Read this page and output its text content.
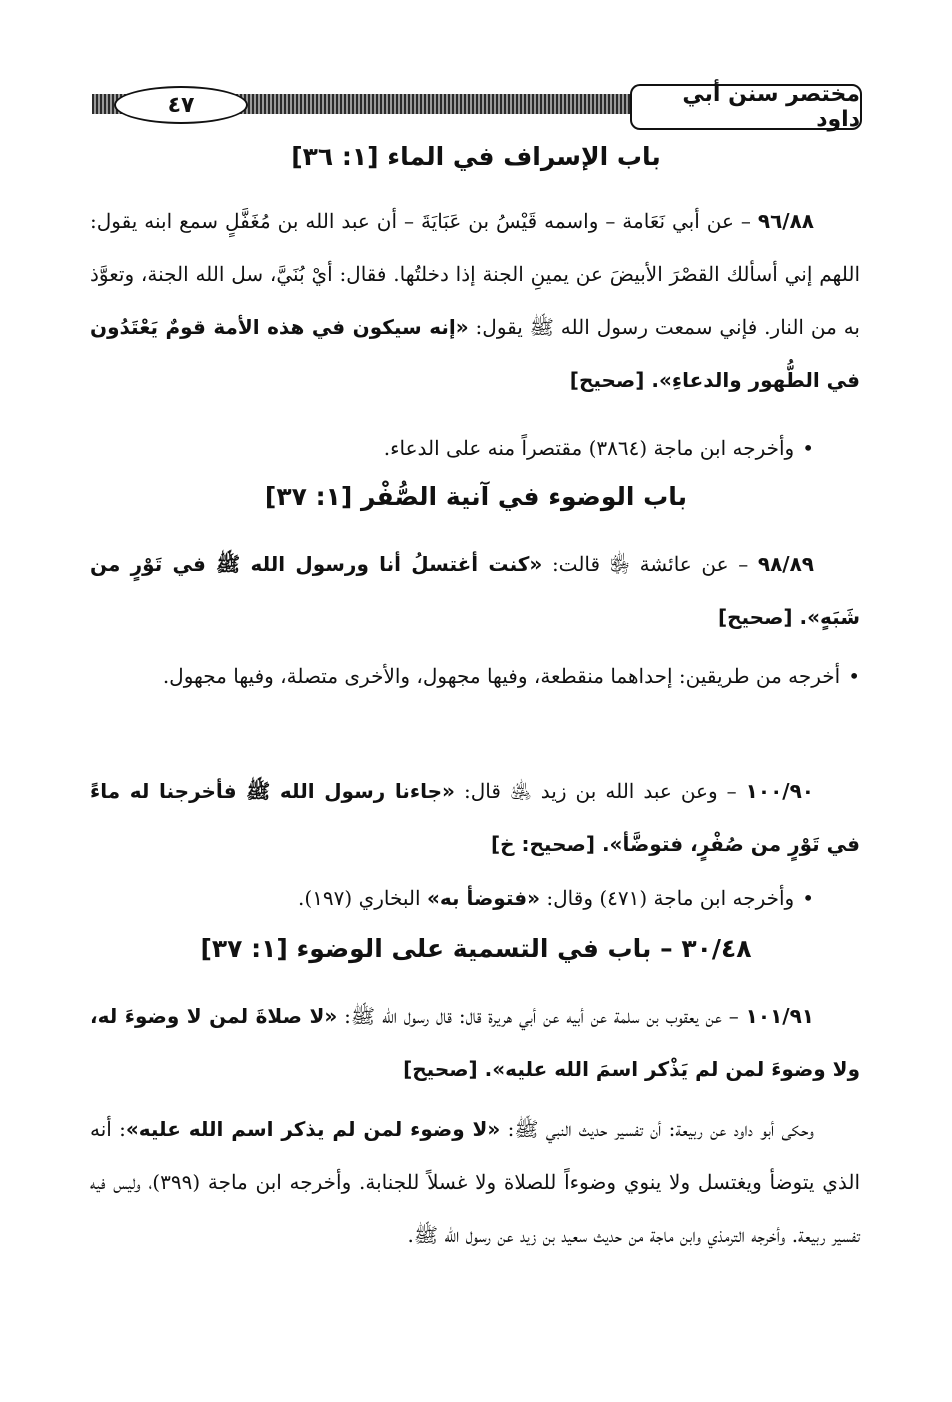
مختصر سنن أبي داود
٤٧
باب الإسراف في الماء [١: ٣٦]
٩٦/٨٨ – عن أبي نَعَامة – واسمه قَيْسُ بن عَبَايَةَ – أن عبد الله بن مُغَفَّلٍ سمع ابنه يقول: اللهم إني أسألك القصْرَ الأبيضَ عن يمينِ الجنة إذا دخلتُها. فقال: أيْ بُنَيَّ، سل الله الجنة، وتعوَّذ به من النار. فإني سمعت رسول الله ﷺ يقول: «إنه سيكون في هذه الأمة قومٌ يَعْتَدُون في الطُّهور والدعاءِ». [صحيح]
•وأخرجه ابن ماجة (٣٨٦٤) مقتصراً منه على الدعاء.
باب الوضوء في آنية الصُّفْر [١: ٣٧]
٩٨/٨٩ – عن عائشة ﵂ قالت: «كنت أغتسلُ أنا ورسول الله ﷺ في تَوْرٍ من شَبَهٍ». [صحيح]
•أخرجه من طريقين: إحداهما منقطعة، وفيها مجهول، والأخرى متصلة، وفيها مجهول.
١٠٠/٩٠ – وعن عبد الله بن زيد ﵁ قال: «جاءنا رسول الله ﷺ فأخرجنا له ماءً في تَوْرٍ من صُفْرٍ، فتوضَّأ». [صحيح: خ]
•وأخرجه ابن ماجة (٤٧١) وقال: «فتوضأ به» البخاري (١٩٧).
٣٠/٤٨ – باب في التسمية على الوضوء [١: ٣٧]
١٠١/٩١ – عن يعقوب بن سلمة عن أبيه عن أبي هريرة قال: قال رسول الله ﷺ: «لا صلاةَ لمن لا وضوءَ له، ولا وضوءَ لمن لم يَذْكر اسمَ الله عليه». [صحيح]
وحكى أبو داود عن ربيعة: أن تفسير حديث النبي ﷺ: «لا وضوء لمن لم يذكر اسم الله عليه»: أنه الذي يتوضأ ويغتسل ولا ينوي وضوءاً للصلاة ولا غسلاً للجنابة. وأخرجه ابن ماجة (٣٩٩)، وليس فيه تفسير ربيعة. وأخرجه الترمذي وابن ماجة من حديث سعيد بن زيد عن رسول الله ﷺ.
